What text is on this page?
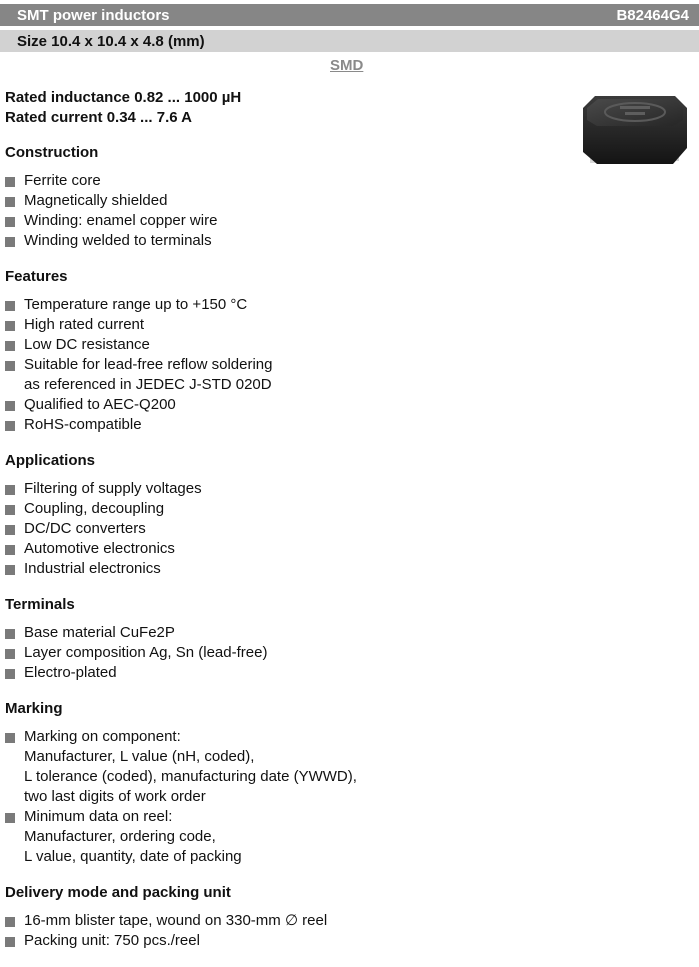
SMT power inductors	B82464G4
Size 10.4 x 10.4 x 4.8 (mm)
SMD
Rated inductance 0.82 ... 1000 µH
Rated current 0.34 ... 7.6 A
Construction
Ferrite core
Magnetically shielded
Winding: enamel copper wire
Winding welded to terminals
Features
Temperature range up to +150 °C
High rated current
Low DC resistance
Suitable for lead-free reflow soldering
as referenced in JEDEC J-STD 020D
Qualified to AEC-Q200
RoHS-compatible
Applications
Filtering of supply voltages
Coupling, decoupling
DC/DC converters
Automotive electronics
Industrial electronics
Terminals
Base material CuFe2P
Layer composition Ag, Sn (lead-free)
Electro-plated
Marking
Marking on component:
Manufacturer, L value (nH, coded),
L tolerance (coded), manufacturing date (YWWD),
two last digits of work order
Minimum data on reel:
Manufacturer, ordering code,
L value, quantity, date of packing
Delivery mode and packing unit
16-mm blister tape, wound on 330-mm ∅ reel
Packing unit: 750 pcs./reel
